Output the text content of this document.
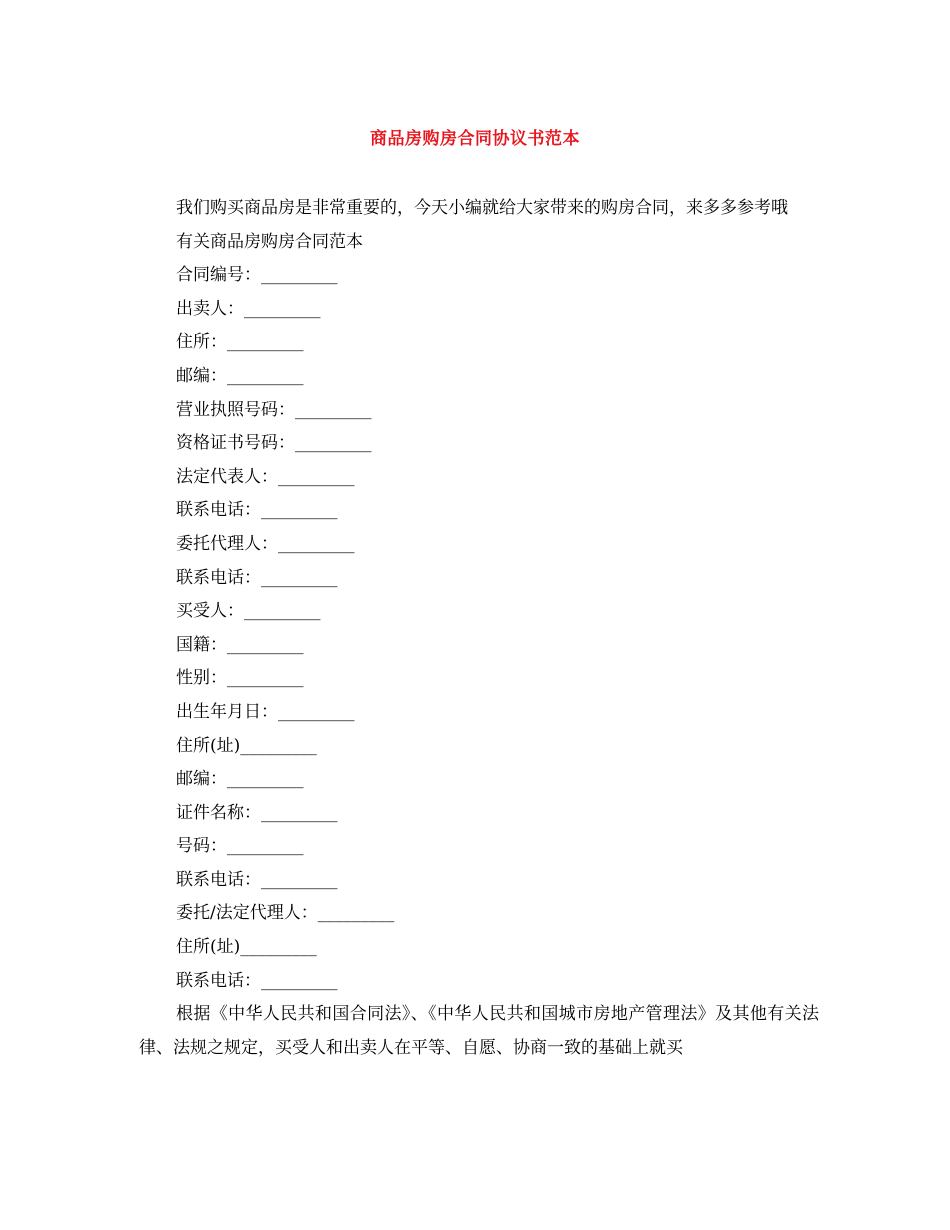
商品房购房合同协议书范本

我们购买商品房是非常重要的，今天小编就给大家带来的购房合同，来多多参考哦

有关商品房购房合同范本

合同编号：_________

出卖人：_________

住所：_________

邮编：_________

营业执照号码：_________

资格证书号码：_________

法定代表人：_________

联系电话：_________

委托代理人：_________

联系电话：_________

买受人：_________

国籍：_________

性别：_________

出生年月日：_________

住所(址)_________

邮编：_________

证件名称：_________

号码：_________

联系电话：_________

委托/法定代理人：_________

住所(址)_________

联系电话：_________

根据《中华人民共和国合同法》、《中华人民共和国城市房地产管理法》及其他有关法律、法规之规定，买受人和出卖人在平等、自愿、协商一致的基础上就买
